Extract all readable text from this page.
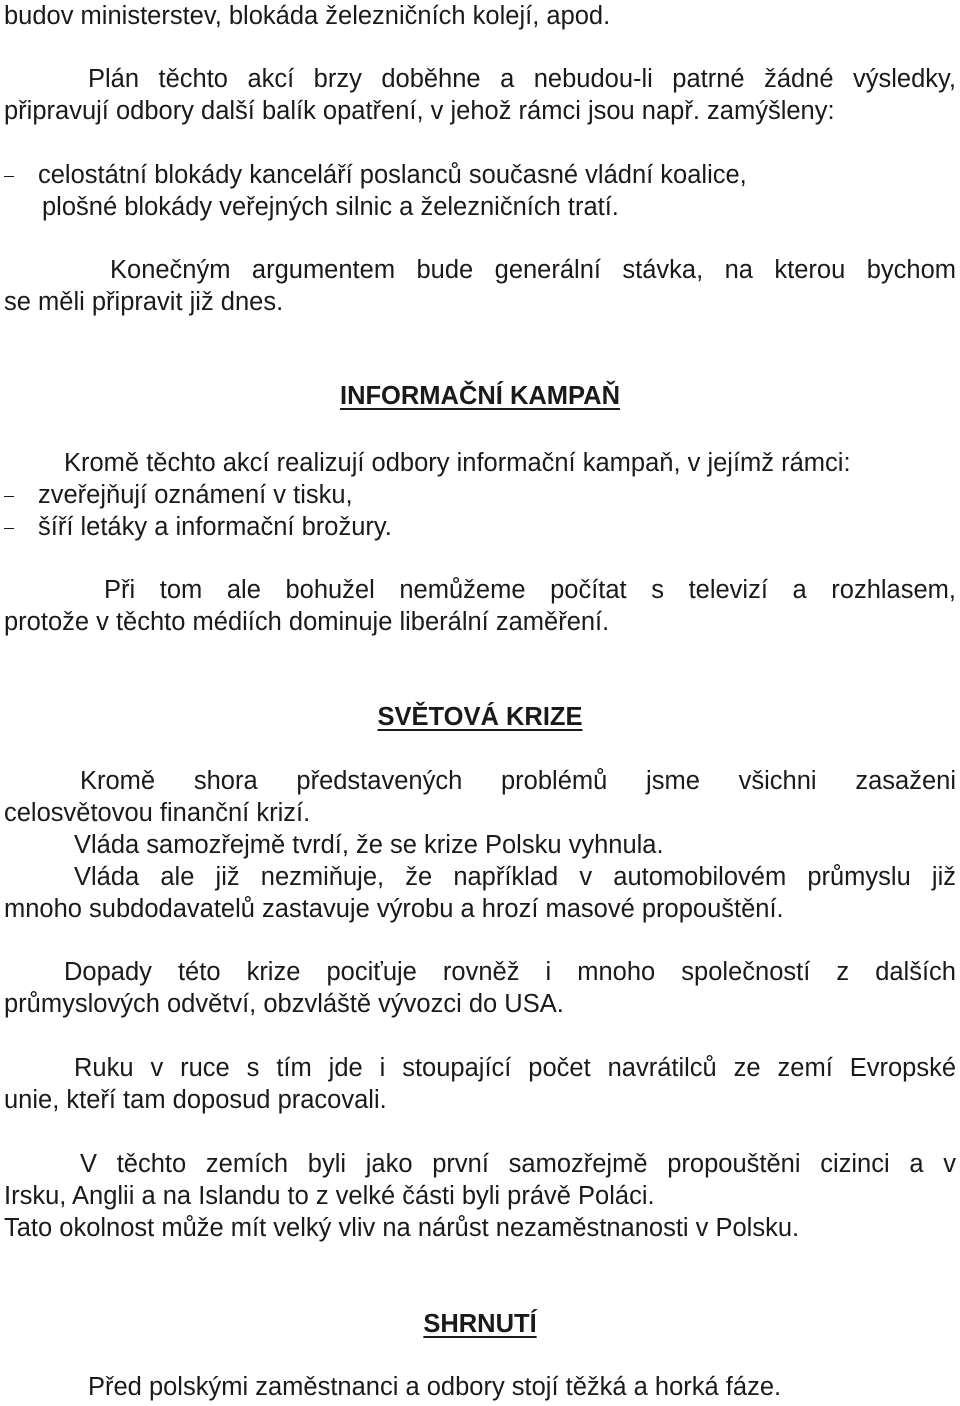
budov ministerstev, blokáda železničních kolejí, apod.
Plán těchto akcí brzy doběhne a nebudou-li patrné žádné výsledky,
připravují odbory další balík opatření, v jehož rámci jsou např. zamýšleny:
celostátní blokády kanceláří poslanců současné vládní koalice,
plošné blokády veřejných silnic a železničních tratí.
Konečným argumentem bude generální stávka, na kterou bychom
se měli připravit již dnes.
INFORMAČNÍ KAMPAŇ
Kromě těchto akcí realizují odbory informační kampaň, v jejímž rámci:
zveřejňují oznámení v tisku,
šíří letáky a informační brožury.
Při tom ale bohužel nemůžeme počítat s televizí a rozhlasem,
protože v těchto médiích dominuje liberální zaměření.
SVĚTOVÁ KRIZE
Kromě shora představených problémů jsme všichni zasaženi
celosvětovou finanční krizí.
Vláda samozřejmě tvrdí, že se krize Polsku vyhnula.
Vláda ale již nezmiňuje, že například v automobilovém průmyslu již
mnoho subdodavatelů zastavuje výrobu a hrozí masové propouštění.
Dopady této krize pociťuje rovněž i mnoho společností z dalších
průmyslových odvětví, obzvláště vývozci do USA.
Ruku v ruce s tím jde i stoupající počet navrátilců ze zemí Evropské
unie, kteří tam doposud pracovali.
V těchto zemích byli jako první samozřejmě propouštěni cizinci a v
Irsku, Anglii a na Islandu to z velké části byli právě Poláci.
Tato okolnost může mít velký vliv na nárůst nezaměstnanosti v Polsku.
SHRNUTÍ
Před polskými zaměstnanci a odbory stojí těžká a horká fáze.
